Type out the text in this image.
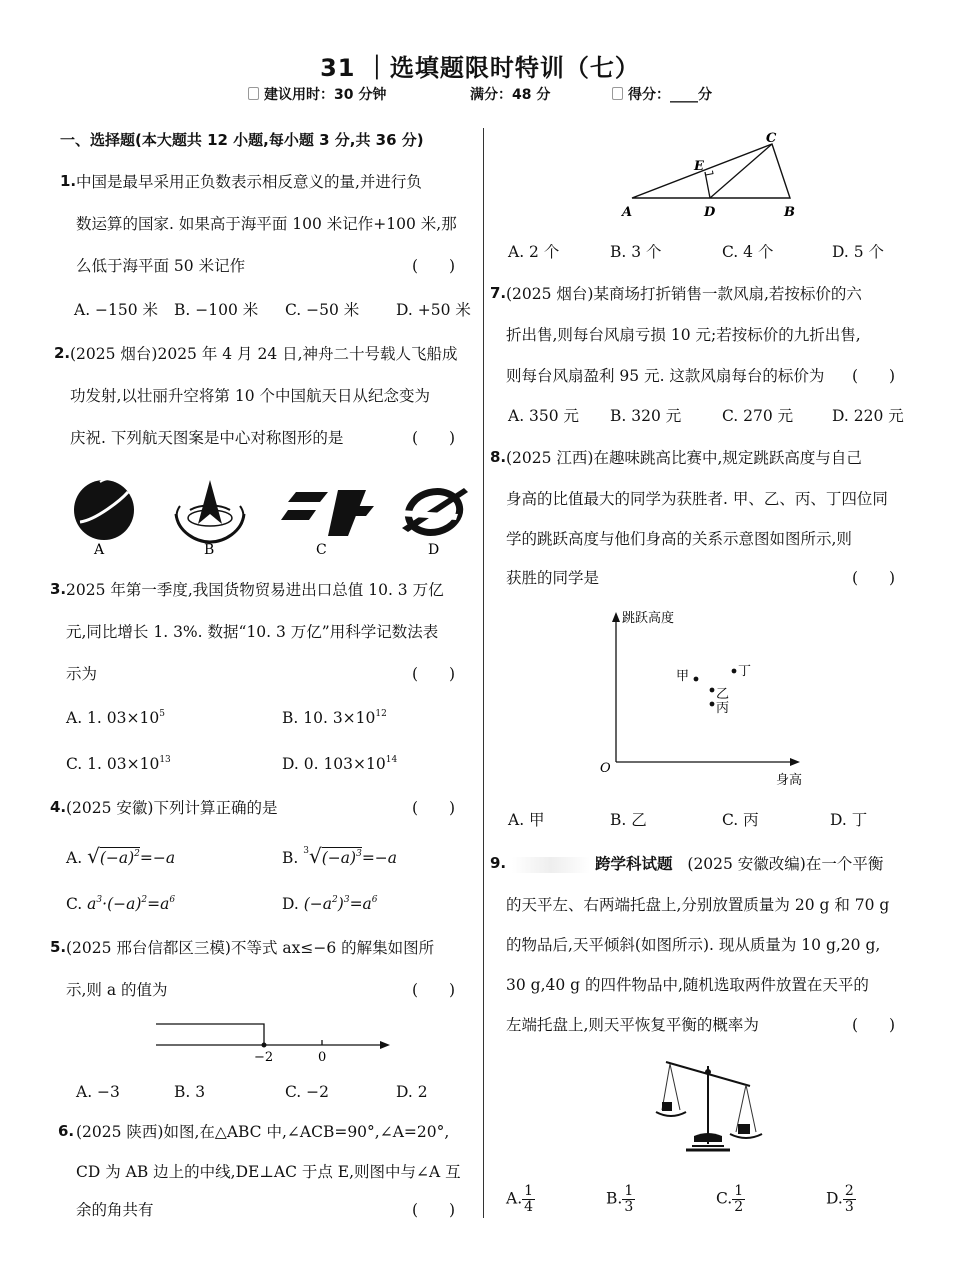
31 ｜选填题限时特训（七）
建议用时：30 分钟	满分：48 分	得分：____分
一、选择题(本大题共 12 小题,每小题 3 分,共 36 分)
1. 中国是最早采用正负数表示相反意义的量,并进行负
数运算的国家. 如果高于海平面 100 米记作+100 米,那
么低于海平面 50 米记作	(　　)
A. −150 米 B. −100 米 C. −50 米 D. +50 米
2. (2025 烟台)2025 年 4 月 24 日,神舟二十号载人飞船成
功发射,以壮丽升空将第 10 个中国航天日从纪念变为
庆祝. 下列航天图案是中心对称图形的是	(　　)
A	B	C	D
3. 2025 年第一季度,我国货物贸易进出口总值 10. 3 万亿
元,同比增长 1. 3%. 数据“10. 3 万亿”用科学记数法表
示为	(　　)
A. 1. $03\times 10^5$	B. 10. $3\times 10^{12}$
C. 1. $03\times 10^{13}$	D. 0. $103\times 10^{14}$
4. (2025 安徽)下列计算正确的是	(　　)
A. $√(-a)^2=-a$	B. $^3√(-a)^3=-a$
C. $a^3\cdot(-a)^2=a^6$	D. $(-a^2)^3=a^6$
5. (2025 邢台信都区三模)不等式 ax≤−6 的解集如图所
示,则 a 的值为	(　　)
−2	0
A. −3	B. 3	C. −2	D. 2
6. (2025 陕西)如图,在△ABC 中,∠ACB=90°,∠A=20°,
CD 为 AB 边上的中线,DE⊥AC 于点 E,则图中与∠A 互
余的角共有	(　　)
A	D	B
E
C
A. 2 个	B. 3 个	C. 4 个	D. 5 个
7. (2025 烟台)某商场打折销售一款风扇,若按标价的六
折出售,则每台风扇亏损 10 元;若按标价的九折出售,
则每台风扇盈利 95 元. 这款风扇每台的标价为 (　　)
A. 350 元 B. 320 元	C. 270 元	D. 220 元
8. (2025 江西)在趣味跳高比赛中,规定跳跃高度与自己
身高的比值最大的同学为获胜者. 甲、乙、丙、丁四位同
学的跳跃高度与他们身高的关系示意图如图所示,则
获胜的同学是	(　　)
跳跃高度
身高
O
甲	丁
乙
丙
A. 甲	B. 乙	C. 丙	D. 丁
9.	跨学科试题 (2025 安徽改编)在一个平衡
的天平左、右两端托盘上,分别放置质量为 20 g 和 70 g
的物品后,天平倾斜(如图所示). 现从质量为 10 g,20 g,
30 g,40 g 的四件物品中,随机选取两件放置在天平的
左端托盘上,则天平恢复平衡的概率为	(　　)
A. $\frac{1}{4}$	B. $\frac{1}{3}$	C. $\frac{1}{2}$	D. $\frac{2}{3}$
